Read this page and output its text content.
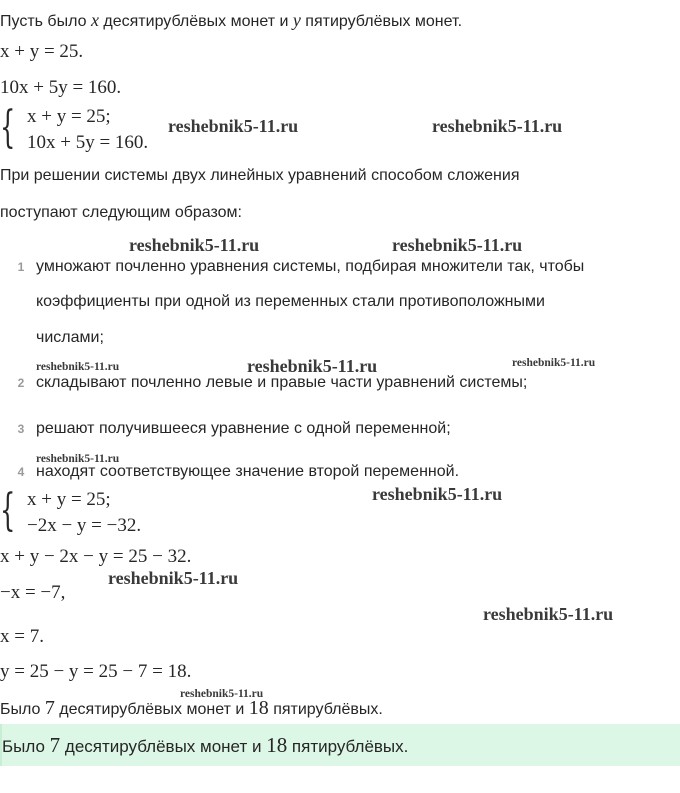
Пусть было x десятирублёвых монет и y пятирублёвых монет.
x + y = 25.
10x + 5y = 160.
{ x + y = 25;
10x + 5y = 160.
При решении системы двух линейных уравнений способом сложения
поступают следующим образом:
1 умножают почленно уравнения системы, подбирая множители так, чтобы
коэффициенты при одной из переменных стали противоположными
числами;
2 складывают почленно левые и правые части уравнений системы;
3 решают получившееся уравнение с одной переменной;
4 находят соответствующее значение второй переменной.
{ x + y = 25;
−2x − y = −32.
x + y − 2x − y = 25 − 32.
−x = −7,
x = 7.
y = 25 − y = 25 − 7 = 18.
Было 7 десятирублёвых монет и 18 пятирублёвых.
Было 7 десятирублёвых монет и 18 пятирублёвых.
reshebnik5-11.ru	reshebnik5-11.ru
reshebnik5-11.ru	reshebnik5-11.ru
reshebnik5-11.ru	reshebnik5-11.ru	reshebnik5-11.ru
reshebnik5-11.ru
reshebnik5-11.ru
reshebnik5-11.ru
reshebnik5-11.ru
reshebnik5-11.ru
